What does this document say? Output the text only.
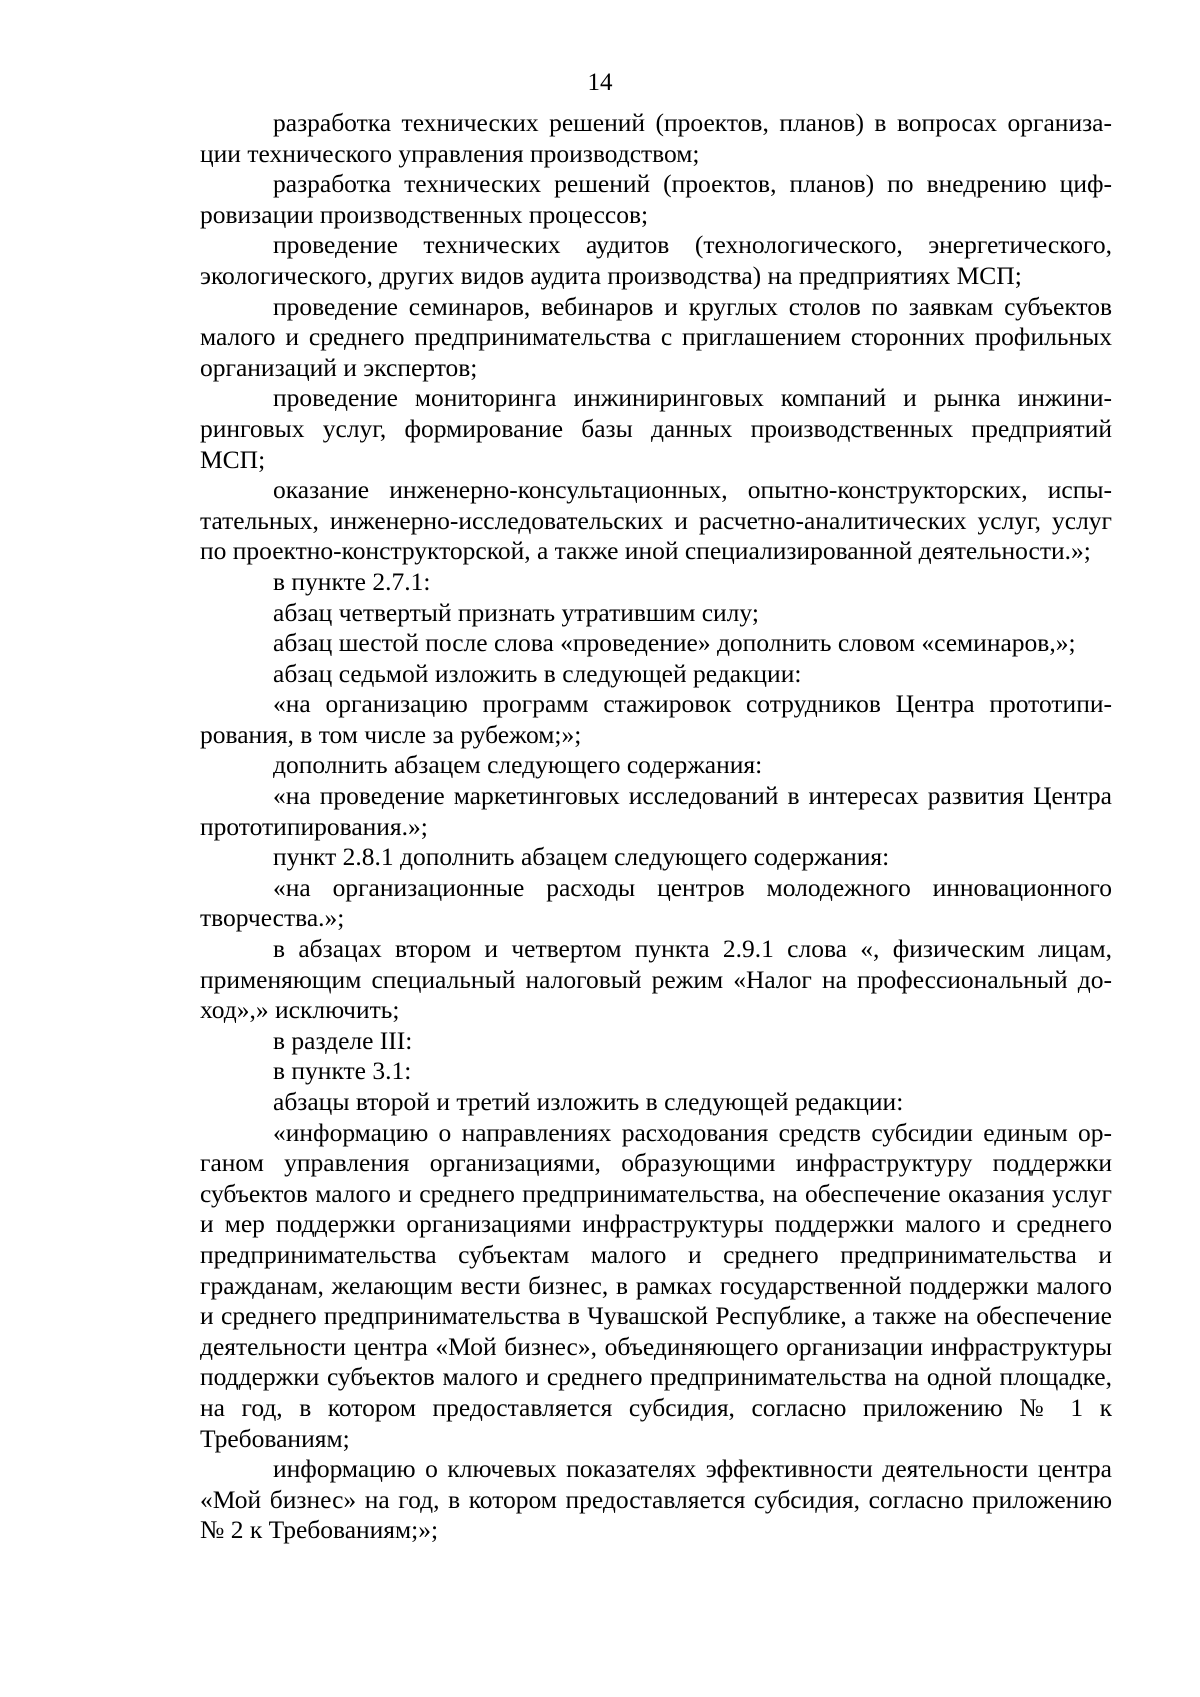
14

разработка технических решений (проектов, планов) в вопросах организации технического управления производством;

разработка технических решений (проектов, планов) по внедрению цифровизации производственных процессов;

проведение технических аудитов (технологического, энергетического, экологического, других видов аудита производства) на предприятиях МСП;

проведение семинаров, вебинаров и круглых столов по заявкам субъектов малого и среднего предпринимательства с приглашением сторонних профильных организаций и экспертов;

проведение мониторинга инжиниринговых компаний и рынка инжиниринговых услуг, формирование базы данных производственных предприятий МСП;

оказание инженерно-консультационных, опытно-конструкторских, испытательных, инженерно-исследовательских и расчетно-аналитических услуг, услуг по проектно-конструкторской, а также иной специализированной деятельности.»;

в пункте 2.7.1:

абзац четвертый признать утратившим силу;

абзац шестой после слова «проведение» дополнить словом «семинаров,»;

абзац седьмой изложить в следующей редакции:

«на организацию программ стажировок сотрудников Центра прототипирования, в том числе за рубежом;»;

дополнить абзацем следующего содержания:

«на проведение маркетинговых исследований в интересах развития Центра прототипирования.»;

пункт 2.8.1 дополнить абзацем следующего содержания:

«на организационные расходы центров молодежного инновационного творчества.»;

в абзацах втором и четвертом пункта 2.9.1 слова «, физическим лицам, применяющим специальный налоговый режим «Налог на профессиональный доход»,» исключить;

в разделе III:

в пункте 3.1:

абзацы второй и третий изложить в следующей редакции:

«информацию о направлениях расходования средств субсидии единым органом управления организациями, образующими инфраструктуру поддержки субъектов малого и среднего предпринимательства, на обеспечение оказания услуг и мер поддержки организациями инфраструктуры поддержки малого и среднего предпринимательства субъектам малого и среднего предпринимательства и гражданам, желающим вести бизнес, в рамках государственной поддержки малого и среднего предпринимательства в Чувашской Республике, а также на обеспечение деятельности центра «Мой бизнес», объединяющего организации инфраструктуры поддержки субъектов малого и среднего предпринимательства на одной площадке, на год, в котором предоставляется субсидия, согласно приложению № 1 к Требованиям;

информацию о ключевых показателях эффективности деятельности центра «Мой бизнес» на год, в котором предоставляется субсидия, согласно приложению № 2 к Требованиям;»;
